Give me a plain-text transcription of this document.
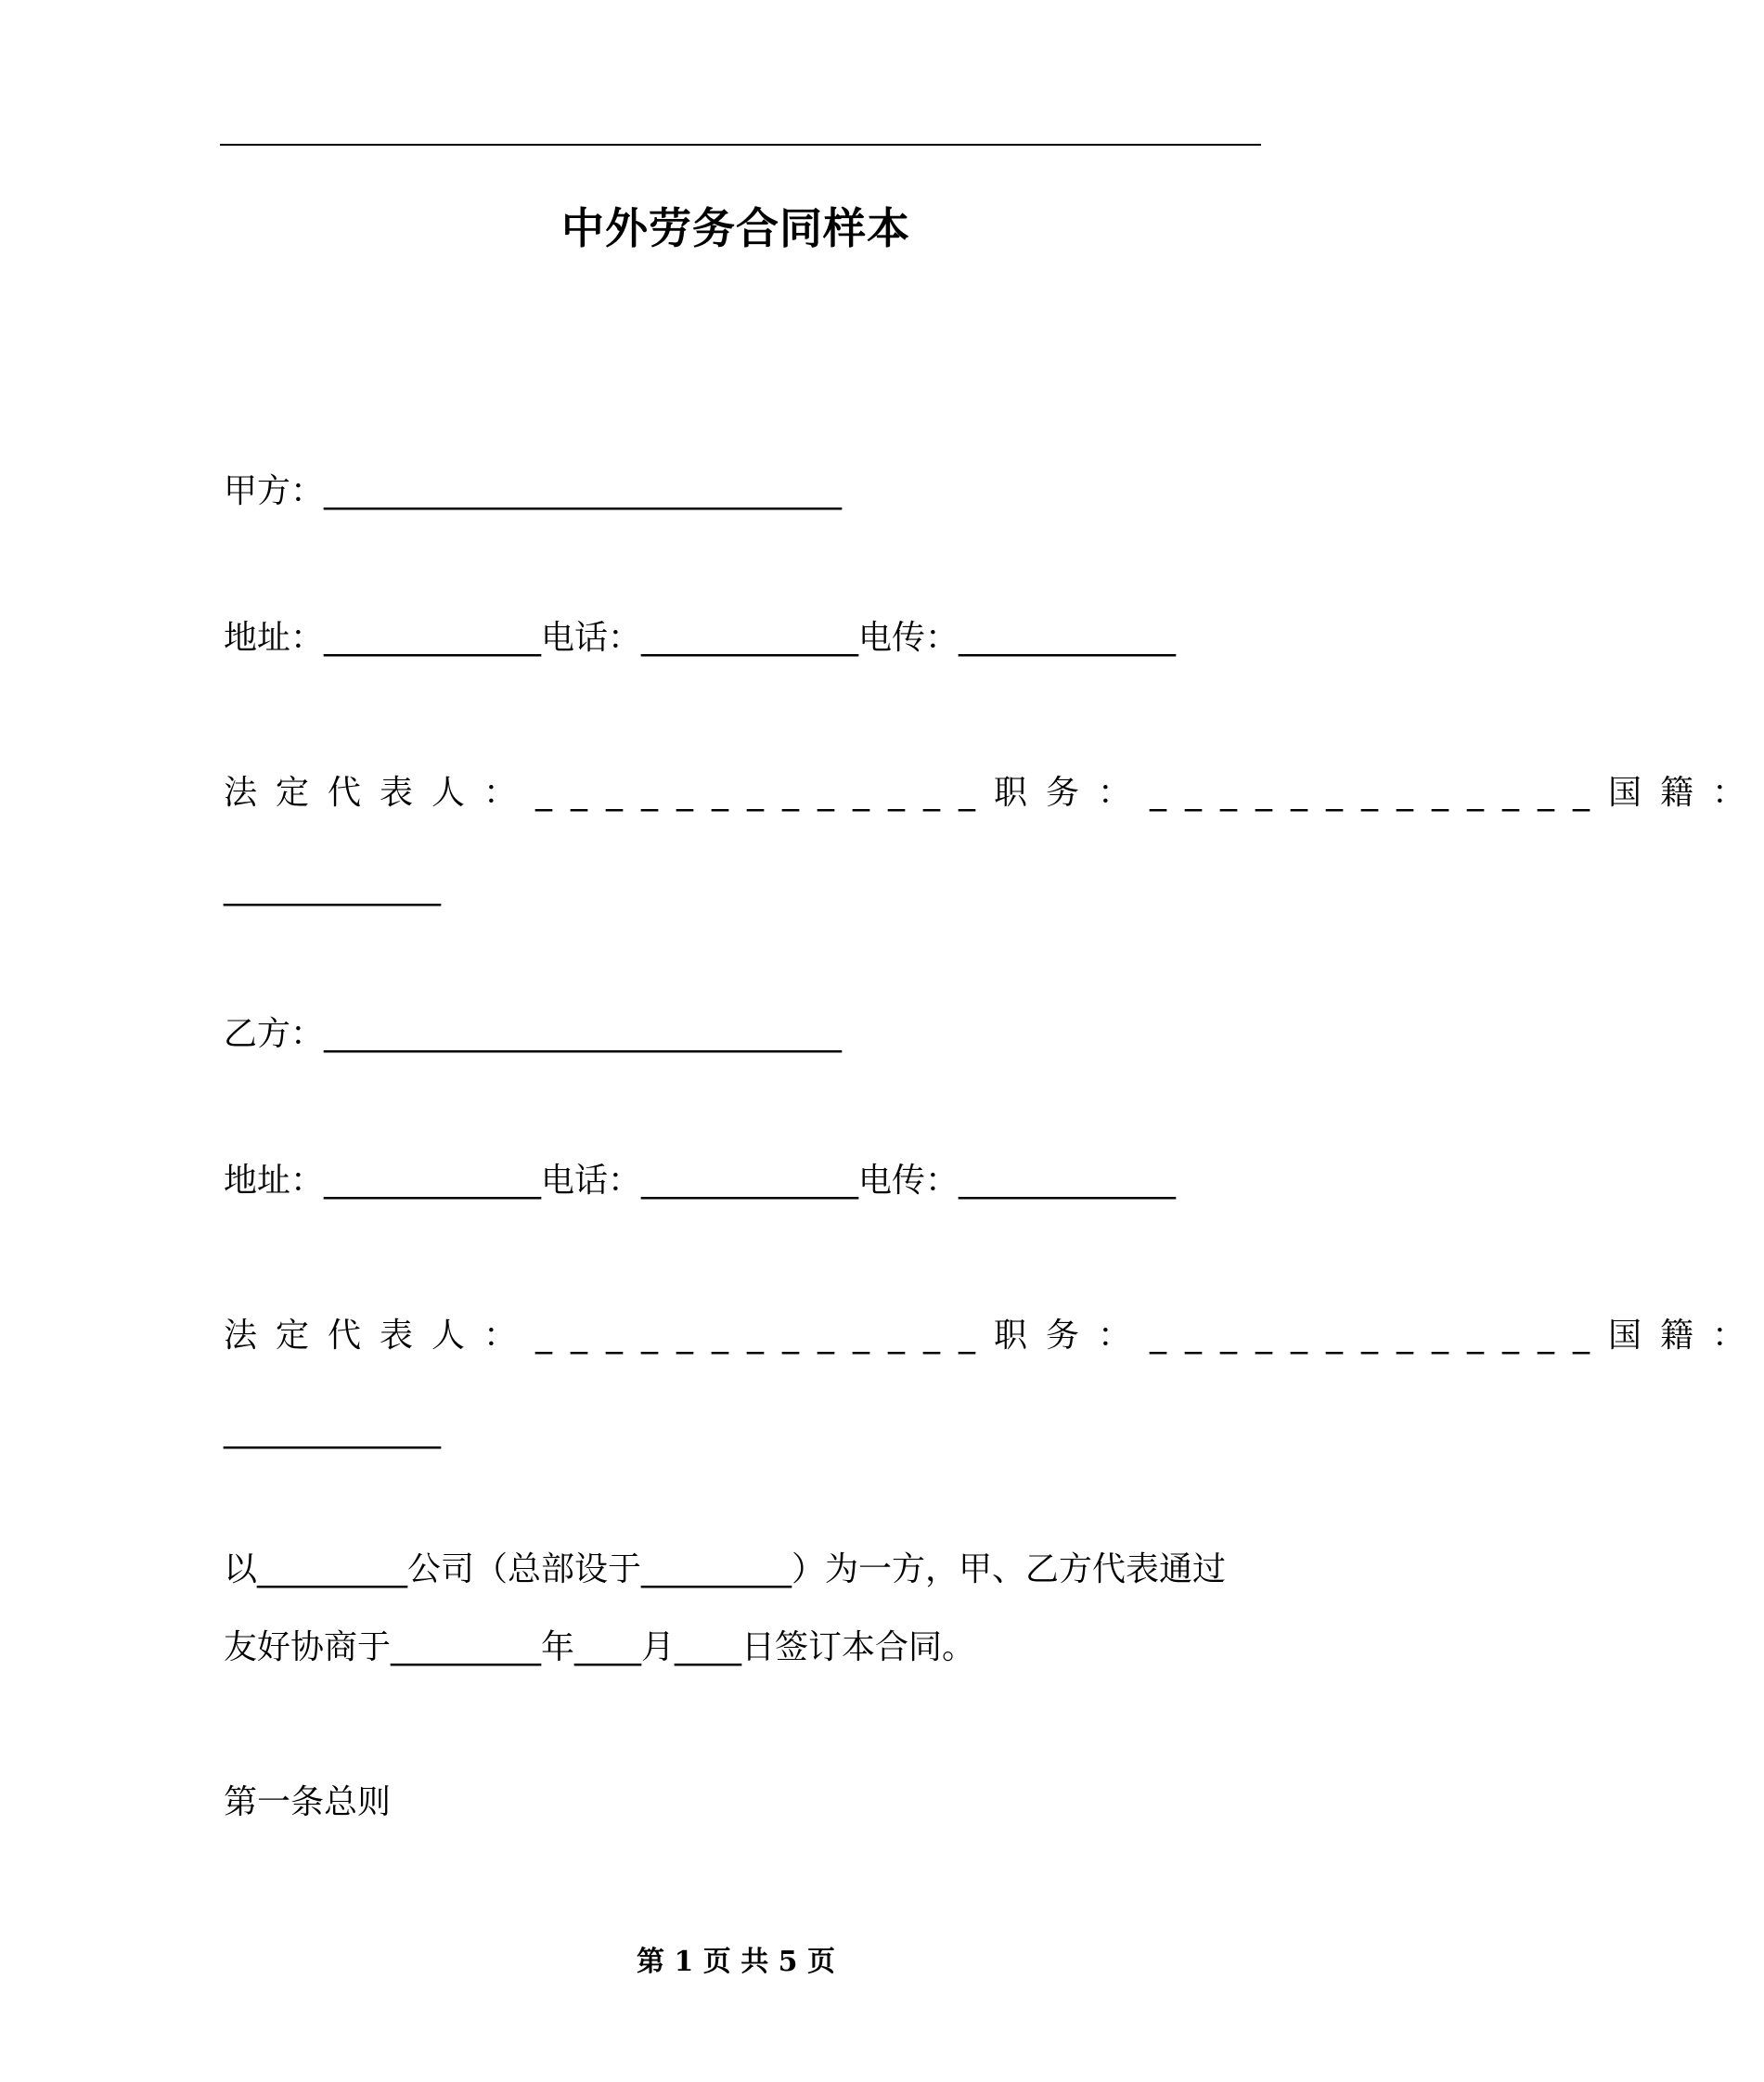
中外劳务合同样本
甲方：_______________________________
地址：_____________电话：_____________电传：_____________
法定代表人：_____________职务：_____________国籍：
_____________
乙方：_______________________________
地址：_____________电话：_____________电传：_____________
法定代表人：_____________职务：_____________国籍：
_____________
以_________公司（总部设于_________）为一方，甲、乙方代表通过
友好协商于_________年____月____日签订本合同。
第一条总则
第 1 页 共 5 页
